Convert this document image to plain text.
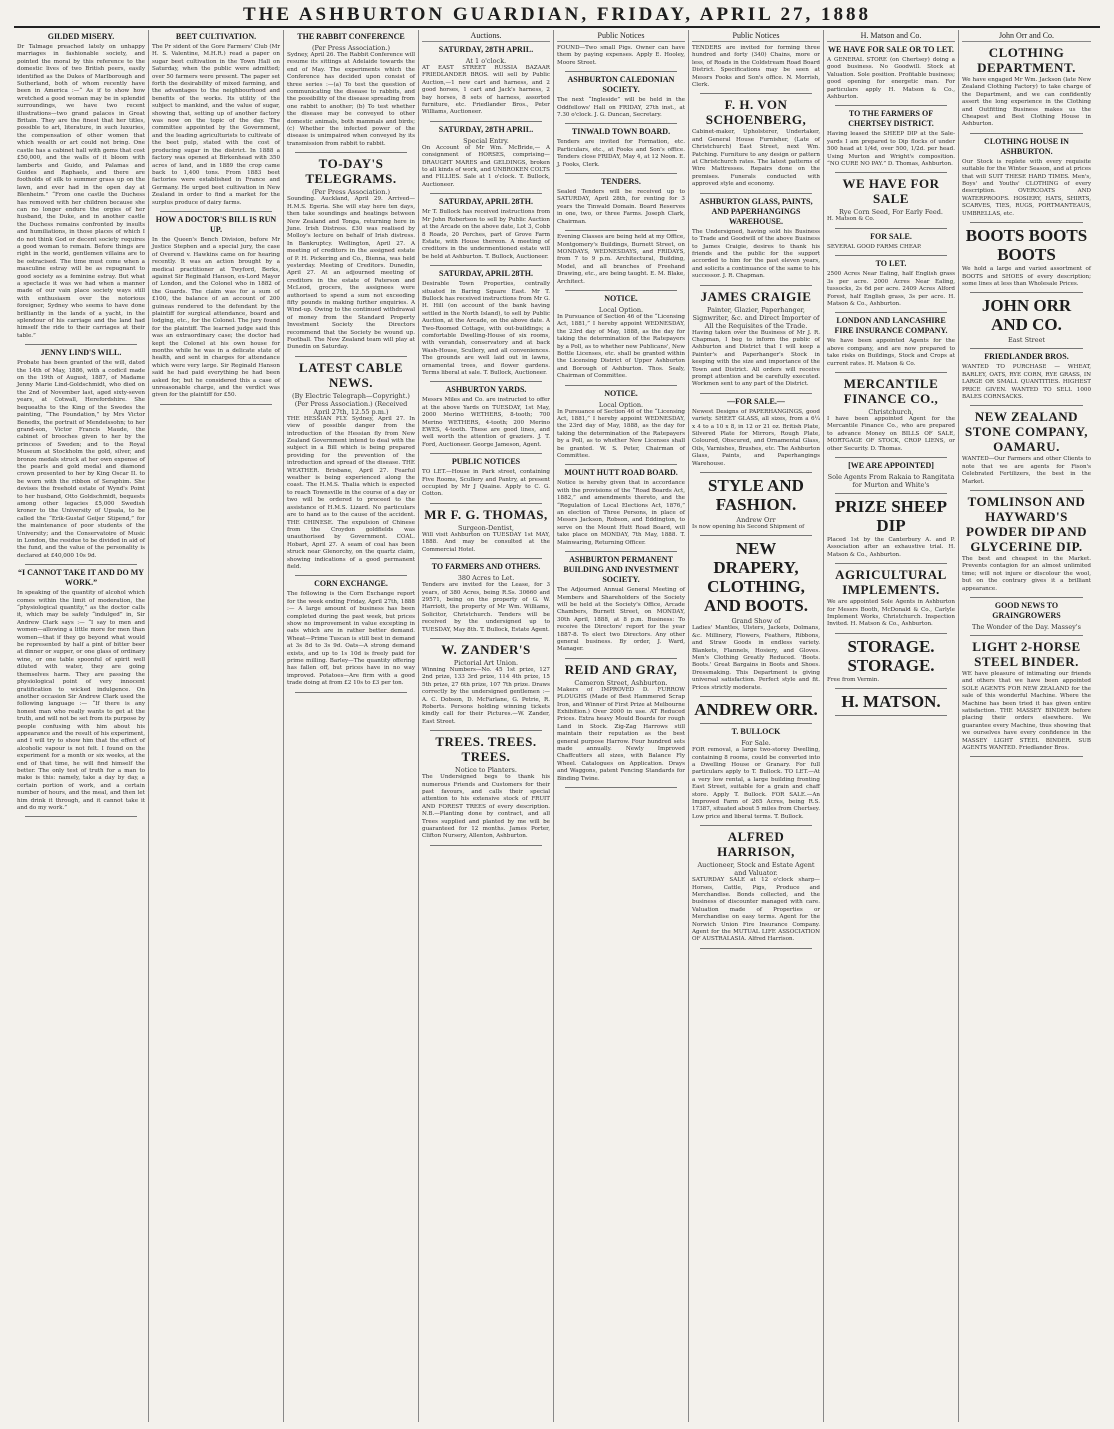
THE ASHBURTON GUARDIAN, FRIDAY, APRIL 27, 1888
GILDED MISERY.
Dr Talmage preached lately on unhappy marriages in fashionable society, and pointed the moral by this reference to the domestic lives of two British peers, easily identified as the Dukes of Marlborough and Sutherland, both of whom recently have been in America :—“ As if to show how wretched a good woman may be in splendid surroundings, we have two recent illustrations—two grand palaces in Great Britain. They are the finest that her titles, possible to art, literature, in such luxuries, the compensation of other women that which wealth or art could not bring. One castle has a cabinet hall with gems that cost £50,000, and the walls of it bloom with lamberts and Guido, and Palamas and Guides and Raphaels, and there are footholds of silk to summer grass up on the lawn, and ever had in the open day at Blenheim.” “From one castle the Duchess has removed with her children because she can no longer endure the orgies of her husband, the Duke, and in another castle the Duchess remains confronted by insults and humiliations, in those places of which I do not think God or decent society requires a good woman to remain. Before things are right in the world, gentlemen villains are to be ostracised. The time must come when a masculine estray will be as repugnant to good society as a feminine estray. But what a spectacle it was we had when a manner made of our vain place society ways still with enthusiasm over the notorious foreigner, Sydney who seems to have done brilliantly in the lands of a yacht, in the splendour of his carriage and the land had himself the ride to their carriages at their table.”
JENNY LIND'S WILL.
Probate has been granted of the will, dated the 14th of May, 1886, with a codicil made on the 19th of August, 1887, of Madame Jenny Marie Lind-Goldschmidt, who died on the 2nd of November last, aged sixty-seven years, at Cotwall, Herefordshire. She bequeaths to the King of the Swedes the painting, “The Foundation,” by Mrs Victor Benedix, the portrait of Mendelssohn; to her grand-son, Victor Francis Maude, the cabinet of brooches given to her by the princess of Sweden; and to the Royal Museum at Stockholm the gold, silver, and bronze medals struck at her own expense of the pearls and gold medal and diamond crown presented to her by King Oscar II. to be worn with the ribbon of Seraphim. She devises the freehold estate of Wynd's Point to her husband, Otto Goldschmidt, bequests among other legacies £5,000 Swedish kroner to the University of Upsala, to be called the “Erik-Gustaf Geijer Stipend,” for the maintenance of poor students of the University; and the Conservatoire of Music in London, the residue to be divided in aid of the fund, and the value of the personality is declared at £40,000 10s 9d.
“I CANNOT TAKE IT AND DO MY WORK.”
In speaking of the quantity of alcohol which comes within the limit of moderation, the “physiological quantity,” as the doctor calls it, which may be safely “indulged” in, Sir Andrew Clark says :— “I say to men and women—allowing a little more for men than women—that if they go beyond what would be represented by half a pint of bitter beer at dinner or supper, or one glass of ordinary wine, or one table spoonful of spirit well diluted with water, they are going themselves harm. They are passing the physiological point of very innocent gratification to wicked indulgence. On another occasion Sir Andrew Clark used the following language :— “If there is any honest man who really wants to get at the truth, and will not be set from its purpose by people confusing with him about his appearance and the result of his experiment, and I will try to show him that the effect of alcoholic vapour is not felt. I found on the experiment for a month or six weeks, at the end of that time, he will find himself the better. The only test of truth for a man to make is this: namely, take a day by day, a certain portion of work, and a certain number of hours, and the meal, and then let him drink it through, and it cannot take it and do my work.”
BEET CULTIVATION.
The Pr sident of the Gore Farmers' Club (Mr H. S. Valentine, M.H.R.) read a paper on sugar beet cultivation in the Town Hall on Saturday, when the public were admitted; over 50 farmers were present. The paper set forth the desirability of mixed farming, and the advantages to the neighbourhood and benefits of the works. Its utility of the subject to mankind, and the value of sugar, showing that, setting up of another factory was now on the topic of the day. The committee appointed by the Government, and the leading agriculturists to cultivate of the beet pulp, stated with the cost of producing sugar in the district. In 1888 a factory was opened at Birkenhead with 350 acres of land, and in 1889 the crop came back to 1,400 tons. From 1883 beet factories were established in France and Germany. He urged beet cultivation in New Zealand in order to find a market for the surplus produce of dairy farms.
HOW A DOCTOR'S BILL IS RUN UP.
In the Queen's Bench Division, before Mr Justice Stephen and a special jury, the case of Overend v. Hawkins came on for hearing recently. It was an action brought by a medical practitioner at Twyford, Berks, against Sir Reginald Hanson, ex-Lord Mayor of London, and the Colonel who in 1882 of the Guards. The claim was for a sum of £100, the balance of an account of 200 guineas rendered to the defendant by the plaintiff for surgical attendance, board and lodging, etc., for the Colonel. The jury found for the plaintiff. The learned judge said this was an extraordinary case; the doctor had kept the Colonel at his own house for months while he was in a delicate state of health, and sent in charges for attendance which were very large. Sir Reginald Hanson said he had paid everything he had been asked for, but he considered this a case of unreasonable charge, and the verdict was given for the plaintiff for £50.
THE RABBIT CONFERENCE
(Per Press Association.)
Sydney, April 26. The Rabbit Conference will resume its sittings at Adelaide towards the end of May. The experiments which the Conference has decided upon consist of three series :—(a) To test the question of communicating the disease to rabbits, and the possibility of the disease spreading from one rabbit to another; (b) To test whether the disease may be conveyed to other domestic animals, both mammals and birds; (c) Whether the infected power of the disease is unimpaired when conveyed by its transmission from rabbit to rabbit.
TO-DAY'S TELEGRAMS.
(Per Press Association.)
Sounding. Auckland, April 29. Arrived—H.M.S. Egeria. She will stay here ten days, then take soundings and heatings between New Zealand and Tonga, returning here in June. Irish Distress. £30 was realised by Molloy's lecture on behalf of Irish distress. In Bankruptcy. Wellington, April 27. A meeting of creditors in the assigned estate of P. H. Pickering and Co., Bienna, was held yesterday. Meeting of Creditors. Dunedin, April 27. At an adjourned meeting of creditors in the estate of Paterson and McLeod, grocers, the assignees were authorised to spend a sum not exceeding fifty pounds in making further enquiries. A Wind-up. Owing to the continued withdrawal of money from the Standard Property Investment Society the Directors recommend that the Society be wound up. Football. The New Zealand team will play at Dunedin on Saturday.
LATEST CABLE NEWS.
(By Electric Telegraph—Copyright.) (Per Press Association.) (Received April 27th, 12.55 p.m.)
THE HESSIAN FLY. Sydney, April 27. In view of possible danger from the introduction of the Hessian fly from New Zealand Government intend to deal with the subject in a Bill which is being prepared providing for the prevention of the introduction and spread of the disease. THE WEATHER. Brisbane, April 27. Fearful weather is being experienced along the coast. The H.M.S. Thalia which is expected to reach Townsville in the course of a day or two will be ordered to proceed to the assistance of H.M.S. Lizard. No particulars are to hand as to the cause of the accident. THE CHINESE. The expulsion of Chinese from the Croydon goldfields was unauthorised by Government. COAL. Hobart, April 27. A seam of coal has been struck near Glenorchy, on the quartz claim, showing indications of a good permanent field.
CORN EXCHANGE.
The following is the Corn Exchange report for the week ending Friday, April 27th, 1888 :— A large amount of business has been completed during the past week, but prices show no improvement in value excepting in oats which are in rather better demand. Wheat—Prime Tuscan is still best in demand at 3s 8d to 3s 9d. Oats—A strong demand exists, and up to 1s 10d is freely paid for prime milling. Barley—The quantity offering has fallen off, but prices have in no way improved. Potatoes—Are firm with a good trade doing at from £2 10s to £3 per ton.
Auctions.
SATURDAY, 28TH APRIL.
At 1 o'clock.
AT EAST STREET RUSSIA BAZAAR FRIEDLANDER BROS. will sell by Public Auction,—1 new cart and harness, and 2 good horses, 1 cart and Jack's harness, 2 bay horses, 8 sets of harness, assorted furniture, etc. Friedlander Bros., Peter Williams, Auctioneer.
SATURDAY, 28TH APRIL.
Special Entry.
On Account of Mr Wm. McBride,— A consignment of HORSES, comprising— DRAUGHT MARES and GELDINGS, broken to all kinds of work, and UNBROKEN COLTS and FILLIES. Sale at 1 o'clock. T. Bullock, Auctioneer.
SATURDAY, APRIL 28TH.
Mr T. Bullock has received instructions from Mr John Robertson to sell by Public Auction at the Arcade on the above date, Lot 3, Cobb 8 Roads, 20 Perches, part of Grove Farm Estate, with House thereon. A meeting of creditors in the undermentioned estate will be held at Ashburton. T. Bullock, Auctioneer.
SATURDAY, APRIL 28TH.
Desirable Town Properties, centrally situated in Baring Square East. Mr T. Bullock has received instructions from Mr G. H. Hill (on account of the bank having settled in the North Island), to sell by Public Auction, at the Arcade, on the above date. A Two-Roomed Cottage, with out-buildings; a comfortable Dwelling-House of six rooms, with verandah, conservatory and at back Wash-House, Scullery, and all conveniences. The grounds are well laid out in lawns, ornamental trees, and flower gardens. Terms liberal at sale. T. Bullock, Auctioneer.
ASHBURTON YARDS.
Messrs Miles and Co. are instructed to offer at the above Yards on TUESDAY, 1st May, 2000 Merino WETHERS, 8-tooth; 700 Merino WETHERS, 4-tooth; 200 Merino EWES, 4-tooth. These are good lines, and well worth the attention of graziers. J. T. Ford, Auctioneer. George Jameson, Agent.
PUBLIC NOTICES
TO LET.—House in Park street, containing Five Rooms, Scullery and Pantry, at present occupied by Mr J Quaine. Apply to C. G. Cotton.
MR F. G. THOMAS,
Surgeon-Dentist,
Will visit Ashburton on TUESDAY 1st MAY, 1888. And may be consulted at the Commercial Hotel.
TO FARMERS AND OTHERS.
380 Acres to Let.
Tenders are invited for the Lease, for 3 years, of 380 Acres, being R.Ss. 30660 and 29571, being on the property of G. W. Harriott, the property of Mr Wm. Williams, Solicitor, Christchurch. Tenders will be received by the undersigned up to TUESDAY, May 8th. T. Bullock, Estate Agent.
W. ZANDER'S
Pictorial Art Union.
Winning Numbers—No. 45 1st prize, 127 2nd prize, 133 3rd prize, 114 4th prize, 15 5th prize, 27 6th prize, 107 7th prize. Draws correctly by the undersigned gentlemen :—A. C. Dobson, D. McFarlane, G. Petrie, R. Roberts. Persons holding winning tickets kindly call for their Pictures.—W. Zander, East Street.
TREES. TREES. TREES.
Notice to Planters.
The Undersigned begs to thank his numerous Friends and Customers for their past favours, and calls their special attention to his extensive stock of FRUIT AND FOREST TREES of every description. N.B.—Planting done by contract, and all Trees supplied and planted by me will be guaranteed for 12 months. James Porter, Clifton Nursery, Allenton, Ashburton.
Public Notices
FOUND—Two small Pigs. Owner can have them by paying expenses. Apply E. Hooley, Moore Street.
ASHBURTON CALEDONIAN SOCIETY.
The next “Ingleside” will be held in the Oddfellows' Hall on FRIDAY, 27th inst., at 7.30 o'clock. J. G. Duncan, Secretary.
TINWALD TOWN BOARD.
Tenders are invited for Formation, etc. Particulars, etc., at Fooks and Son's office. Tenders close FRIDAY, May 4, at 12 Noon. E. J. Fooks, Clerk.
TENDERS.
Sealed Tenders will be received up to SATURDAY, April 28th, for renting for 3 years the Tinwald Domain. Board Reserves in one, two, or three Farms. Joseph Clark, Chairman.
Evening Classes are being held at my Office, Montgomery's Buildings, Burnett Street, on MONDAYS, WEDNESDAYS, and FRIDAYS, from 7 to 9 p.m. Architectural, Building, Model, and all branches of Freehand Drawing, etc., are being taught. E. M. Blake, Architect.
NOTICE.
Local Option.
In Pursuance of Section 46 of the “Licensing Act, 1881,” I hereby appoint WEDNESDAY, the 23rd day of May, 1888, as the day for taking the determination of the Ratepayers by a Poll, as to whether new Publicans', New Bottle Licenses, etc. shall be granted within the Licensing District of Upper Ashburton and Borough of Ashburton. Thos. Sealy, Chairman of Committee.
NOTICE.
Local Option.
In Pursuance of Section 46 of the “Licensing Act, 1881,” I hereby appoint WEDNESDAY, the 23rd day of May, 1888, as the day for taking the determination of the Ratepayers by a Poll, as to whether New Licenses shall be granted. W. S. Peter, Chairman of Committee.
MOUNT HUTT ROAD BOARD.
Notice is hereby given that in accordance with the provisions of the “Road Boards Act, 1882,” and amendments thereto, and the “Regulation of Local Elections Act, 1876,” an election of Three Persons, in place of Messrs Jackson, Robson, and Eddington, to serve on the Mount Hutt Road Board, will take place on MONDAY, 7th May, 1888. T. Mainwaring, Returning Officer.
ASHBURTON PERMANENT BUILDING AND INVESTMENT SOCIETY.
The Adjourned Annual General Meeting of Members and Shareholders of the Society will be held at the Society's Office, Arcade Chambers, Burnett Street, on MONDAY, 30th April, 1888, at 8 p.m. Business: To receive the Directors' report for the year 1887-8. To elect two Directors. Any other general business. By order, J. Ward, Manager.
REID AND GRAY,
Cameron Street, Ashburton.
Makers of IMPROVED D. FURROW PLOUGHS (Made of Best Hammered Scrap Iron, and Winner of First Prize at Melbourne Exhibition.) Over 2000 in use. AT Reduced Prices. Extra heavy Mould Boards for rough Land in Stock. Zig-Zag Harrows still maintain their reputation as the best general purpose Harrow. Four hundred sets made annually. Newly Improved Chaffcutters all sizes, with Balance Fly Wheel. Catalogues on Application. Drays and Waggons, patent Fencing Standards for Binding Twine.
Public Notices
TENDERS are invited for forming three hundred and forty (340) Chains, more or less, of Roads in the Coldstream Road Board District. Specifications may be seen at Messrs Fooks and Son's office. N. Morrish, Clerk.
F. H. VON SCHOENBERG,
Cabinet-maker, Upholsterer, Undertaker, and General House Furnisher, (Late of Christchurch) East Street, next Wm. Patching. Furniture to any design or pattern at Christchurch rates. The latest patterns of Wire Mattresses. Repairs done on the premises. Funerals conducted with approved style and economy.
ASHBURTON GLASS, PAINTS, AND PAPERHANGINGS WAREHOUSE.
The Undersigned, having sold his Business to Trade and Goodwill of the above Business to James Craigie, desires to thank his friends and the public for the support accorded to him for the past eleven years, and solicits a continuance of the same to his successor. J. R. Chapman.
JAMES CRAIGIE
Painter, Glazier, Paperhanger, Signwriter, &c. and Direct Importer of All the Requisites of the Trade.
Having taken over the Business of Mr J. R. Chapman, I beg to inform the public of Ashburton and District that I will keep a Painter's and Paperhanger's Stock in keeping with the size and importance of the Town and District. All orders will receive prompt attention and be carefully executed. Workmen sent to any part of the District.
—FOR SALE.—
Newest Designs of PAPERHANGINGS, good variety. SHEET GLASS, all sizes, from a 6¼ x 4 to a 10 x 8, in 12 or 21 oz. British Plate, Silvered Plate for Mirrors, Rough Plate, Coloured, Obscured, and Ornamental Glass, Oils, Varnishes, Brushes, etc. The Ashburton Glass, Paints, and Paperhangings Warehouse.
STYLE AND FASHION.
Andrew Orr
Is now opening his Second Shipment of
NEW DRAPERY, CLOTHING, AND BOOTS.
Grand Show of
Ladies' Mantles, Ulsters, Jackets, Dolmans, &c. Millinery, Flowers, Feathers, Ribbons, and Straw Goods in endless variety. Blankets, Flannels, Hosiery, and Gloves. Men's Clothing Greatly Reduced. 'Boots. Boots.' Great Bargains in Boots and Shoes. Dressmaking. This Department is giving universal satisfaction. Perfect style and fit. Prices strictly moderate.
ANDREW ORR.
T. BULLOCK
For Sale.
FOR removal, a large two-storey Dwelling, containing 8 rooms, could be converted into a Dwelling House or Granary. For full particulars apply to T. Bullock. TO LET.—At a very low rental, a large building fronting East Street, suitable for a grain and chaff store. Apply T. Bullock. FOR SALE.—An Improved Farm of 265 Acres, being R.S. 17387, situated about 5 miles from Chertsey. Low price and liberal terms. T. Bullock.
ALFRED HARRISON,
Auctioneer, Stock and Estate Agent and Valuator.
SATURDAY SALE at 12 o'clock sharp—Horses, Cattle, Pigs, Produce and Merchandise. Bonds collected, and the business of discounter managed with care. Valuation made of Properties or Merchandise on easy terms. Agent for the Norwich Union Fire Insurance Company. Agent for the MUTUAL LIFE ASSOCIATION OF AUSTRALASIA. Alfred Harrison.
H. Matson and Co.
WE HAVE FOR SALE OR TO LET.
A GENERAL STORE (on Chertsey) doing a good business. No Goodwill. Stock at Valuation. Sole position. Profitable business; good opening for energetic man. For particulars apply H. Matson & Co., Ashburton.
TO THE FARMERS OF CHERTSEY DISTRICT.
Having leased the SHEEP DIP at the Sale-yards I am prepared to Dip flocks of under 500 head at 1/4d, over 500, 1/2d. per head. Using Murton and Wright's composition. “NO CURE NO PAY.” D. Thomas, Ashburton.
WE HAVE FOR SALE
Rye Corn Seed, For Early Feed.
H. Matson & Co.
FOR SALE.
SEVERAL GOOD FARMS CHEAP.
TO LET.
2500 Acres Near Ealing, half English grass 3s per acre. 2000 Acres Near Ealing, tussocks, 2s 6d per acre. 2409 Acres Alford Forest, half English grass, 3s per acre. H. Matson & Co., Ashburton.
LONDON AND LANCASHIRE FIRE INSURANCE COMPANY.
We have been appointed Agents for the above company, and are now prepared to take risks on Buildings, Stock and Crops at current rates. H. Matson & Co.
MERCANTILE FINANCE CO.,
Christchurch,
I have been appointed Agent for the Mercantile Finance Co., who are prepared to advance Money on BILLS OF SALE, MORTGAGE OF STOCK, CROP LIENS, or other Security. D. Thomas.
[WE ARE APPOINTED]
Sole Agents From Rakaia to Rangitata for Murton and White's
PRIZE SHEEP DIP
Placed 1st by the Canterbury A. and P. Association after an exhaustive trial. H. Matson & Co., Ashburton.
AGRICULTURAL IMPLEMENTS.
We are appointed Sole Agents in Ashburton for Messrs Booth, McDonald & Co., Carlyle Implement Works, Christchurch. Inspection Invited. H. Matson & Co., Ashburton.
STORAGE. STORAGE.
Free from Vermin.
H. MATSON.
John Orr and Co.
CLOTHING DEPARTMENT.
We have engaged Mr Wm. Jackson (late New Zealand Clothing Factory) to take charge of the Department, and we can confidently assert the long experience in the Clothing and Outfitting Business makes us the Cheapest and Best Clothing House in Ashburton.
CLOTHING HOUSE IN ASHBURTON.
Our Stock is replete with every requisite suitable for the Winter Season, and at prices that will SUIT THESE HARD TIMES. Men's, Boys' and Youths' CLOTHING of every description. OVERCOATS AND WATERPROOFS. HOSIERY, HATS, SHIRTS, SCARVES, TIES, RUGS, PORTMANTEAUS, UMBRELLAS, etc.
BOOTS BOOTS BOOTS
We hold a large and varied assortment of BOOTS and SHOES of every description; some lines at less than Wholesale Prices.
JOHN ORR AND CO.
East Street
FRIEDLANDER BROS.
WANTED TO PURCHASE — WHEAT, BARLEY, OATS, RYE CORN, RYE GRASS, IN LARGE OR SMALL QUANTITIES. HIGHEST PRICE GIVEN. WANTED TO SELL 1000 BALES CORNSACKS.
NEW ZEALAND STONE COMPANY, OAMARU.
WANTED—Our Farmers and other Clients to note that we are agents for Fison's Celebrated Fertilizers, the best in the Market.
TOMLINSON AND HAYWARD'S POWDER DIP AND GLYCERINE DIP.
The best and cheapest in the Market. Prevents contagion for an almost unlimited time; will not injure or discolour the wool, but on the contrary gives it a brilliant appearance.
GOOD NEWS TO GRAINGROWERS
The Wonder of the Day. Massey's
LIGHT 2-HORSE STEEL BINDER.
WE have pleasure of intimating our friends and others that we have been appointed SOLE AGENTS FOR NEW ZEALAND for the sale of this wonderful Machine. Where the Machine has been tried it has given entire satisfaction. THE MASSEY BINDER before placing their orders elsewhere. We guarantee every Machine, thus showing that we ourselves have every confidence in the MASSEY LIGHT STEEL BINDER. SUB AGENTS WANTED. Friedlander Bros.
